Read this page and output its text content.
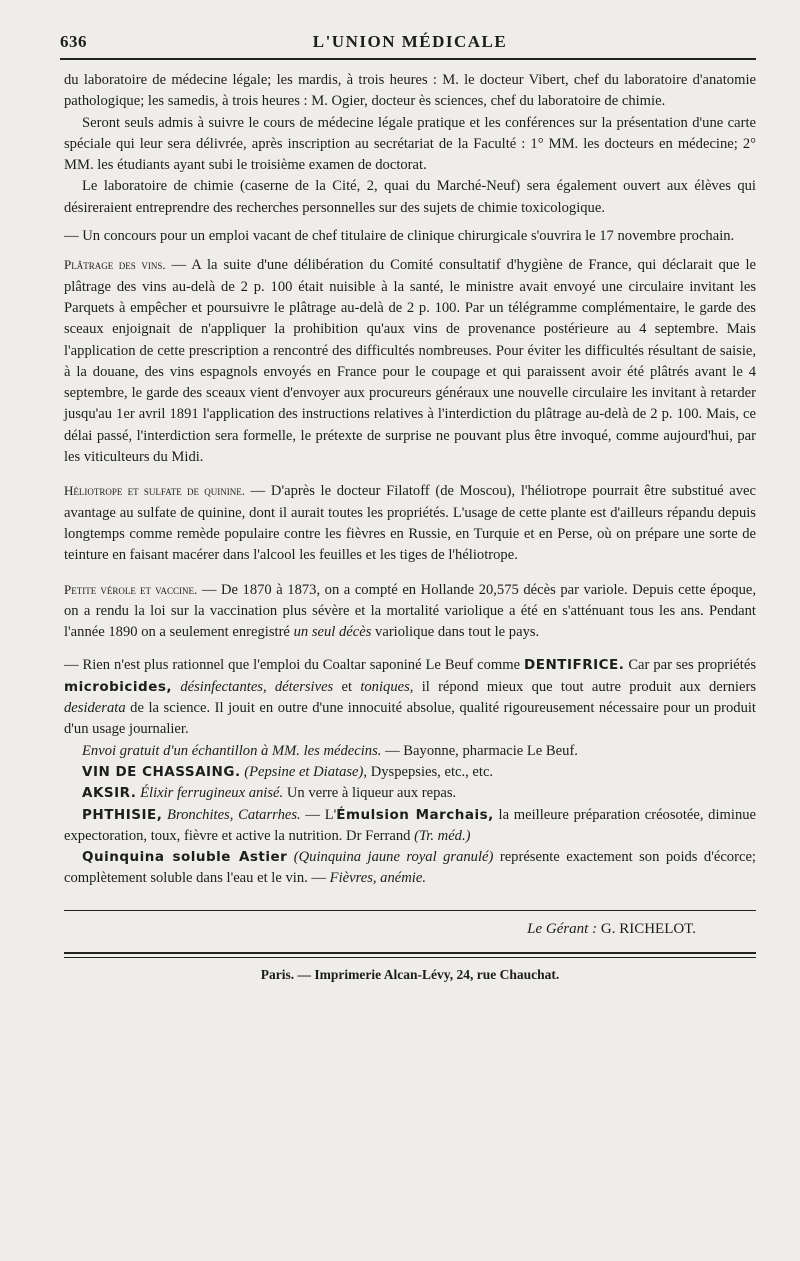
636	L'UNION MÉDICALE

du laboratoire de médecine légale; les mardis, à trois heures : M. le docteur Vibert, chef du laboratoire d'anatomie pathologique; les samedis, à trois heures : M. Ogier, docteur ès sciences, chef du laboratoire de chimie.

Seront seuls admis à suivre le cours de médecine légale pratique et les conférences sur la présentation d'une carte spéciale qui leur sera délivrée, après inscription au secrétariat de la Faculté : 1° MM. les docteurs en médecine; 2° MM. les étudiants ayant subi le troisième examen de doctorat.

Le laboratoire de chimie (caserne de la Cité, 2, quai du Marché-Neuf) sera également ouvert aux élèves qui désireraient entreprendre des recherches personnelles sur des sujets de chimie toxicologique.

— Un concours pour un emploi vacant de chef titulaire de clinique chirurgicale s'ouvrira le 17 novembre prochain.

Plâtrage des vins. — A la suite d'une délibération du Comité consultatif d'hygiène de France, qui déclarait que le plâtrage des vins au-delà de 2 p. 100 était nuisible à la santé, le ministre avait envoyé une circulaire invitant les Parquets à empêcher et poursuivre le plâtrage au-delà de 2 p. 100. Par un télégramme complémentaire, le garde des sceaux enjoignait de n'appliquer la prohibition qu'aux vins de provenance postérieure au 4 septembre. Mais l'application de cette prescription a rencontré des difficultés nombreuses. Pour éviter les difficultés résultant de saisie, à la douane, des vins espagnols envoyés en France pour le coupage et qui paraissent avoir été plâtrés avant le 4 septembre, le garde des sceaux vient d'envoyer aux procureurs généraux une nouvelle circulaire les invitant à retarder jusqu'au 1er avril 1891 l'application des instructions relatives à l'interdiction du plâtrage au-delà de 2 p. 100. Mais, ce délai passé, l'interdiction sera formelle, le prétexte de surprise ne pouvant plus être invoqué, comme aujourd'hui, par les viticulteurs du Midi.

Héliotrope et sulfate de quinine. — D'après le docteur Filatoff (de Moscou), l'héliotrope pourrait être substitué avec avantage au sulfate de quinine, dont il aurait toutes les propriétés. L'usage de cette plante est d'ailleurs répandu depuis longtemps comme remède populaire contre les fièvres en Russie, en Turquie et en Perse, où on prépare une sorte de teinture en faisant macérer dans l'alcool les feuilles et les tiges de l'héliotrope.

Petite vérole et vaccine. — De 1870 à 1873, on a compté en Hollande 20,575 décès par variole. Depuis cette époque, on a rendu la loi sur la vaccination plus sévère et la mortalité variolique a été en s'atténuant tous les ans. Pendant l'année 1890 on a seulement enregistré un seul décès variolique dans tout le pays.

— Rien n'est plus rationnel que l'emploi du Coaltar saponiné Le Beuf comme DENTIFRICE. Car par ses propriétés microbicides, désinfectantes, détersives et toniques, il répond mieux que tout autre produit aux derniers desiderata de la science. Il jouit en outre d'une innocuité absolue, qualité rigoureusement nécessaire pour un produit d'un usage journalier.

Envoi gratuit d'un échantillon à MM. les médecins. — Bayonne, pharmacie Le Beuf.

VIN DE CHASSAING. (Pepsine et Diatase), Dyspepsies, etc., etc.

AKSIR. Élixir ferrugineux anisé. Un verre à liqueur aux repas.

PHTHISIE, Bronchites, Catarrhes. — L'Émulsion Marchais, la meilleure préparation créosotée, diminue expectoration, toux, fièvre et active la nutrition. Dr Ferrand (Tr. méd.)

Quinquina soluble Astier (Quinquina jaune royal granulé) représente exactement son poids d'écorce; complètement soluble dans l'eau et le vin. — Fièvres, anémie.

Le Gérant : G. RICHELOT.
Paris. — Imprimerie Alcan-Lévy, 24, rue Chauchat.
